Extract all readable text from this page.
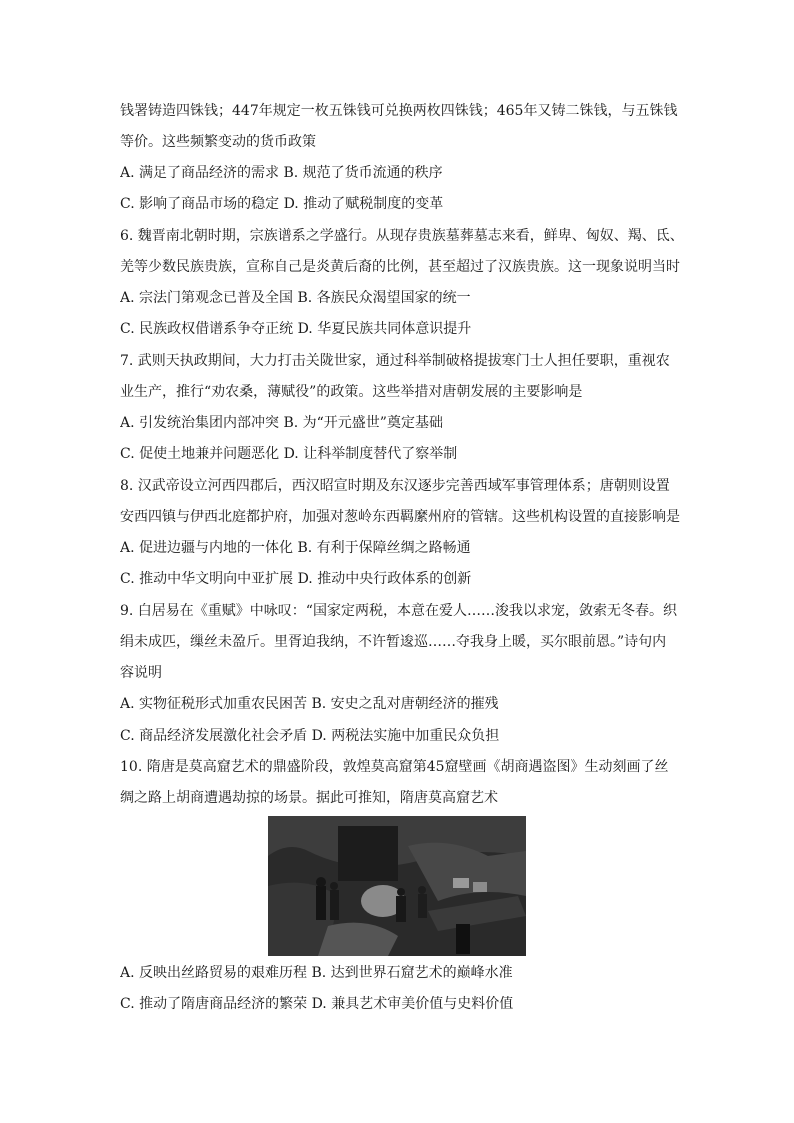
钱署铸造四铢钱；447年规定一枚五铢钱可兑换两枚四铢钱；465年又铸二铢钱，与五铢钱
等价。这些频繁变动的货币政策
A. 满足了商品经济的需求 B. 规范了货币流通的秩序
C. 影响了商品市场的稳定 D. 推动了赋税制度的变革
6. 魏晋南北朝时期，宗族谱系之学盛行。从现存贵族墓葬墓志来看，鲜卑、匈奴、羯、氐、
羌等少数民族贵族，宣称自己是炎黄后裔的比例，甚至超过了汉族贵族。这一现象说明当时
A. 宗法门第观念已普及全国 B. 各族民众渴望国家的统一
C. 民族政权借谱系争夺正统 D. 华夏民族共同体意识提升
7. 武则天执政期间，大力打击关陇世家，通过科举制破格提拔寒门士人担任要职，重视农
业生产，推行“劝农桑，薄赋役”的政策。这些举措对唐朝发展的主要影响是
A. 引发统治集团内部冲突 B. 为“开元盛世”奠定基础
C. 促使土地兼并问题恶化 D. 让科举制度替代了察举制
8. 汉武帝设立河西四郡后，西汉昭宣时期及东汉逐步完善西域军事管理体系；唐朝则设置
安西四镇与伊西北庭都护府，加强对葱岭东西羁縻州府的管辖。这些机构设置的直接影响是
A. 促进边疆与内地的一体化 B. 有利于保障丝绸之路畅通
C. 推动中华文明向中亚扩展 D. 推动中央行政体系的创新
9. 白居易在《重赋》中咏叹：“国家定两税，本意在爱人……浚我以求宠，敛索无冬春。织
绢未成匹，缫丝未盈斤。里胥迫我纳，不许暂逡巡……夺我身上暖，买尔眼前恩。”诗句内
容说明
A. 实物征税形式加重农民困苦 B. 安史之乱对唐朝经济的摧残
C. 商品经济发展激化社会矛盾 D. 两税法实施中加重民众负担
10. 隋唐是莫高窟艺术的鼎盛阶段，敦煌莫高窟第45窟壁画《胡商遇盗图》生动刻画了丝
绸之路上胡商遭遇劫掠的场景。据此可推知，隋唐莫高窟艺术
A. 反映出丝路贸易的艰难历程 B. 达到世界石窟艺术的巅峰水准
C. 推动了隋唐商品经济的繁荣 D. 兼具艺术审美价值与史料价值
